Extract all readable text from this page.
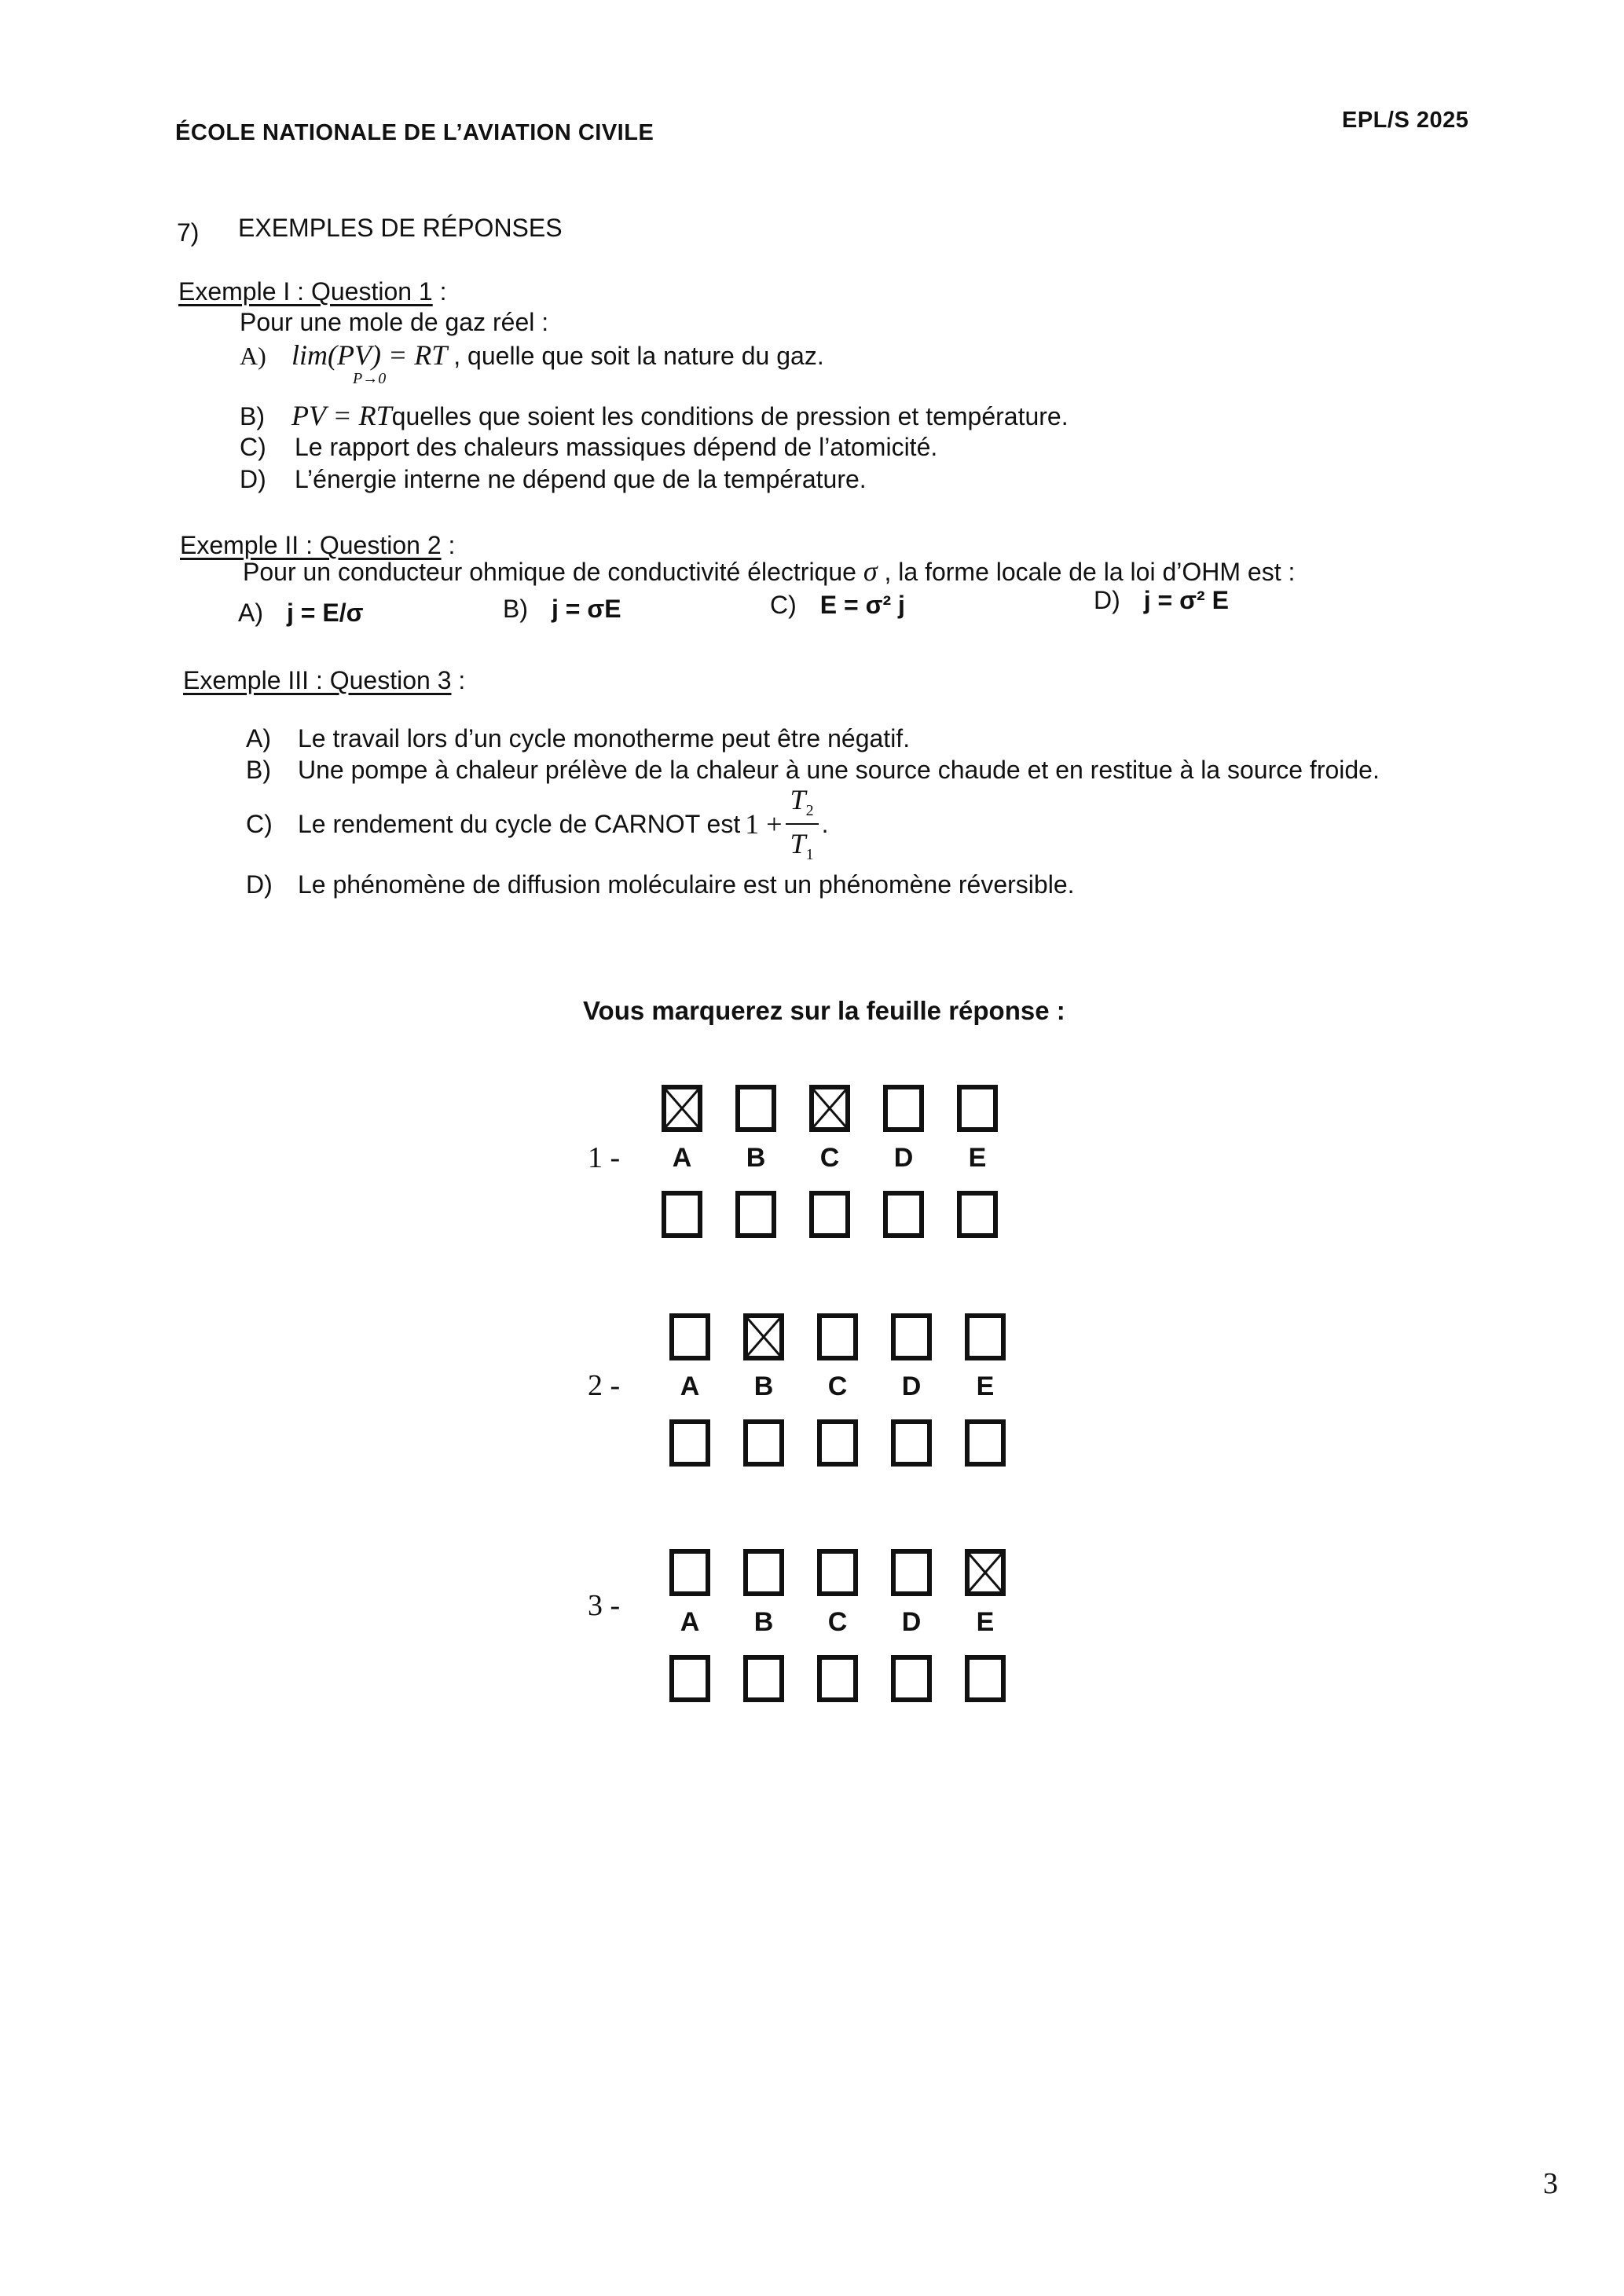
ÉCOLE NATIONALE DE L’AVIATION CIVILE	EPL/S 2025
7) EXEMPLES DE RÉPONSES
Exemple I : Question 1 :
Pour une mole de gaz réel :
A) lim(PV) = RT
P→0
, quelle que soit la nature du gaz.
B) PV = RT quelles que soient les conditions de pression et température.
C)	Le rapport des chaleurs massiques dépend de l’atomicité.
D)	L’énergie interne ne dépend que de la température.
Exemple II : Question 2 :
Pour un conducteur ohmique de conductivité électrique σ , la forme locale de la loi d’OHM est :
A) j = E/σ	B) j = σE	C) E = σ² j	D) j = σ² E
Exemple III : Question 3 :
A)	Le travail lors d’un cycle monotherme peut être négatif.
B)	Une pompe à chaleur prélève de la chaleur à une source chaude et en restitue à la source froide.
C)	Le rendement du cycle de CARNOT est $1 + \frac{T_2}{T_1}$ .
D)	Le phénomène de diffusion moléculaire est un phénomène réversible.
Vous marquerez sur la feuille réponse :
1 -	A	B	C	D	E
2 -	A	B	C	D	E
3 -	A	B	C	D	E
3
